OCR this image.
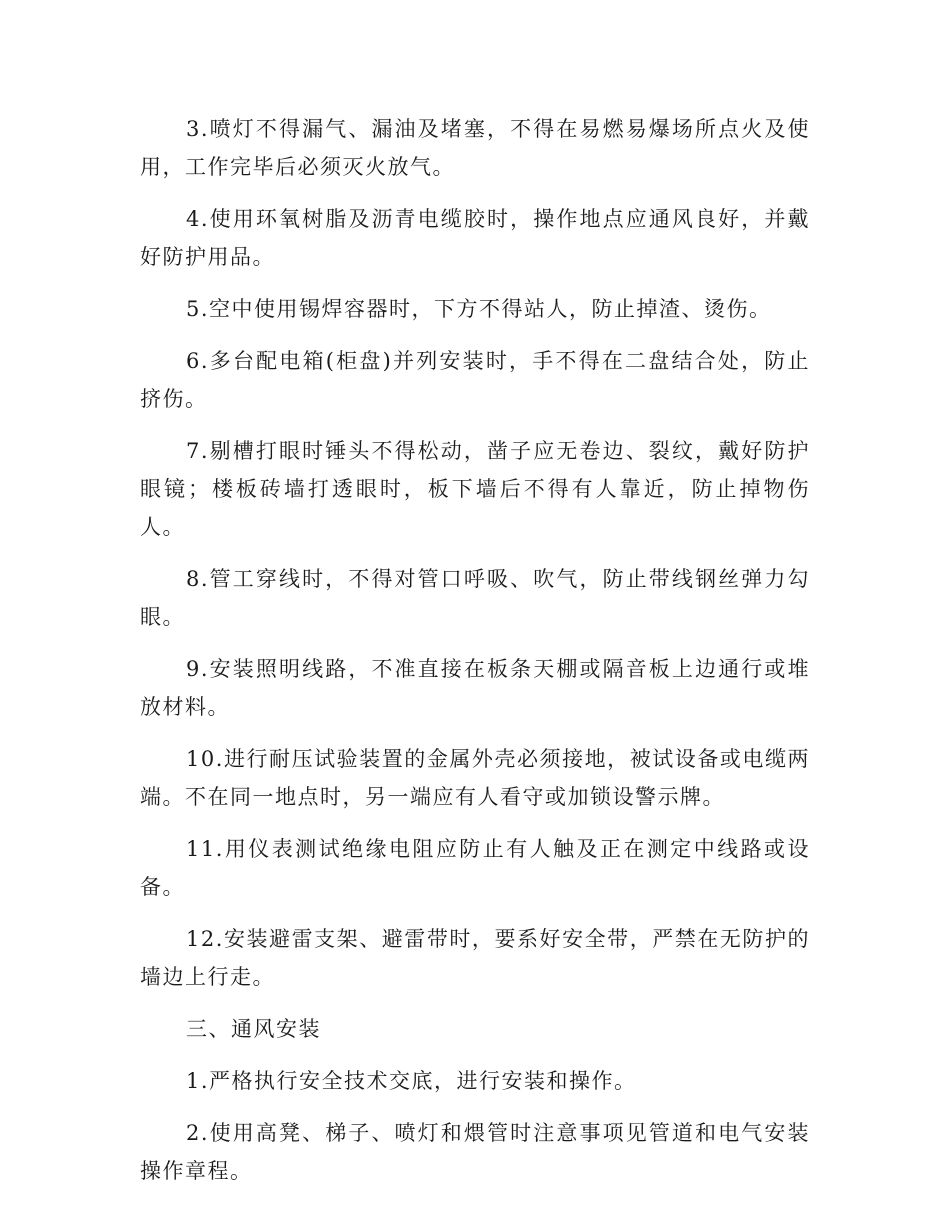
3.喷灯不得漏气、漏油及堵塞，不得在易燃易爆场所点火及使用，工作完毕后必须灭火放气。

4.使用环氧树脂及沥青电缆胶时，操作地点应通风良好，并戴好防护用品。

5.空中使用锡焊容器时，下方不得站人，防止掉渣、烫伤。

6.多台配电箱(柜盘)并列安装时，手不得在二盘结合处，防止挤伤。

7.剔槽打眼时锤头不得松动，凿子应无卷边、裂纹，戴好防护眼镜；楼板砖墙打透眼时，板下墙后不得有人靠近，防止掉物伤人。

8.管工穿线时，不得对管口呼吸、吹气，防止带线钢丝弹力勾眼。

9.安装照明线路，不准直接在板条天棚或隔音板上边通行或堆放材料。

10.进行耐压试验装置的金属外壳必须接地，被试设备或电缆两端。不在同一地点时，另一端应有人看守或加锁设警示牌。

11.用仪表测试绝缘电阻应防止有人触及正在测定中线路或设备。

12.安装避雷支架、避雷带时，要系好安全带，严禁在无防护的墙边上行走。

三、通风安装

1.严格执行安全技术交底，进行安装和操作。

2.使用高凳、梯子、喷灯和煨管时注意事项见管道和电气安装操作章程。
